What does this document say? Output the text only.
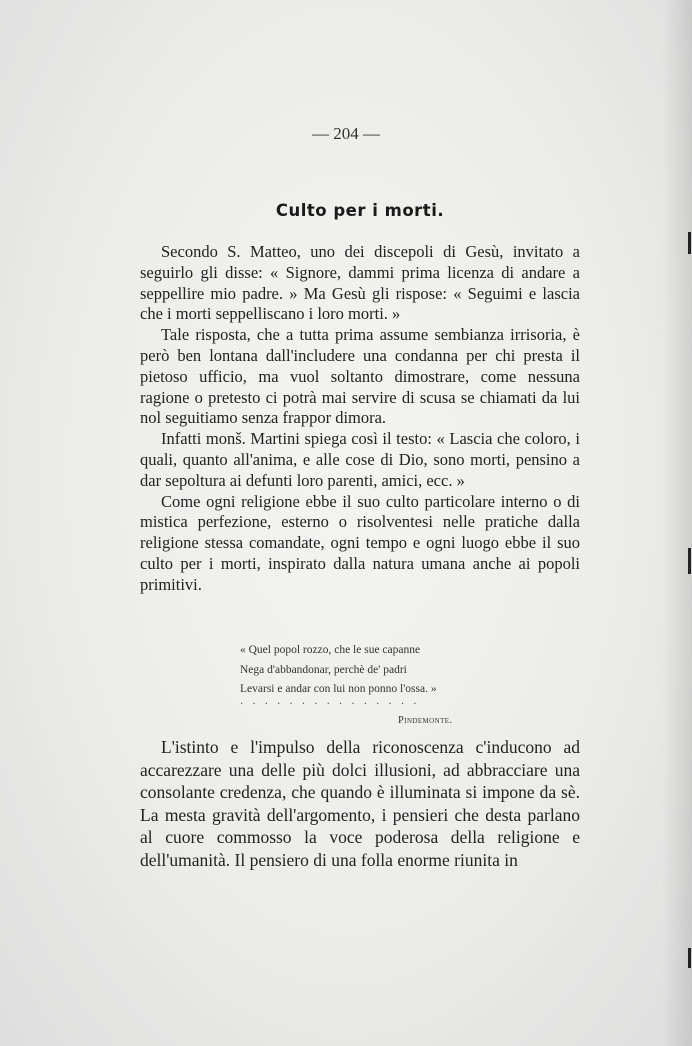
— 204 —
Culto per i morti.

Secondo S. Matteo, uno dei discepoli di Gesù, invitato a seguirlo gli disse: « Signore, dammi prima licenza di andare a seppellire mio padre. » Ma Gesù gli rispose: « Seguimi e lascia che i morti seppelliscano i loro morti. »

Tale risposta, che a tutta prima assume sembianza irrisoria, è però ben lontana dall'includere una condanna per chi presta il pietoso ufficio, ma vuol soltanto dimostrare, come nessuna ragione o pretesto ci potrà mai servire di scusa se chiamati da lui nol seguitiamo senza frappor dimora.

Infatti monš. Martini spiega così il testo: « Lascia che coloro, i quali, quanto all'anima, e alle cose di Dio, sono morti, pensino a dar sepoltura ai defunti loro parenti, amici, ecc. »

Come ogni religione ebbe il suo culto particolare interno o di mistica perfezione, esterno o risolventesi nelle pratiche dalla religione stessa comandate, ogni tempo e ogni luogo ebbe il suo culto per i morti, inspirato dalla natura umana anche ai popoli primitivi.

« Quel popol rozzo, che le sue capanne
Nega d'abbandonar, perchè de' padri
Levarsi e andar con lui non ponno l'ossa. »
...............
Pindemonte.

L'istinto e l'impulso della riconoscenza c'inducono ad accarezzare una delle più dolci illusioni, ad abbracciare una consolante credenza, che quando è illuminata si impone da sè. La mesta gravità dell'argomento, i pensieri che desta parlano al cuore commosso la voce poderosa della religione e dell'umanità. Il pensiero di una folla enorme riunita in
